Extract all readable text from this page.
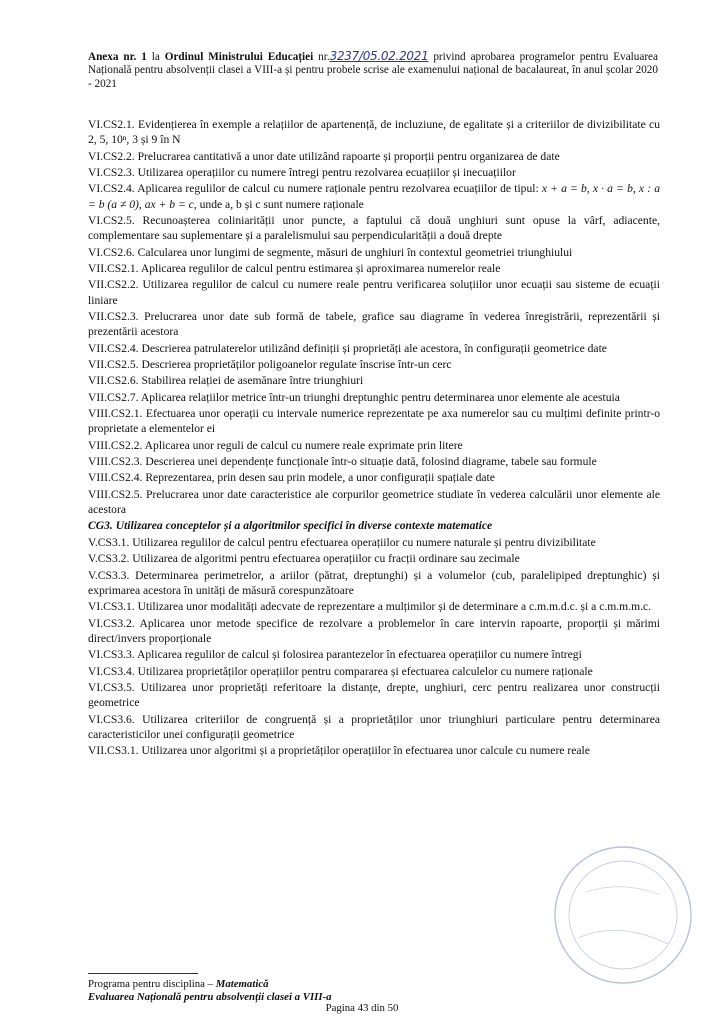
Anexa nr. 1 la Ordinul Ministrului Educației nr.3237/05.02.2021 privind aprobarea programelor pentru Evaluarea Națională pentru absolvenții clasei a VIII-a și pentru probele scrise ale examenului național de bacalaureat, în anul școlar 2020 - 2021

VI.CS2.1. Evidențierea în exemple a relațiilor de apartenență, de incluziune, de egalitate și a criteriilor de divizibilitate cu 2, 5, 10ⁿ, 3 și 9 în N

VI.CS2.2. Prelucrarea cantitativă a unor date utilizând rapoarte și proporții pentru organizarea de date

VI.CS2.3. Utilizarea operațiilor cu numere întregi pentru rezolvarea ecuațiilor și inecuațiilor

VI.CS2.4. Aplicarea regulilor de calcul cu numere raționale pentru rezolvarea ecuațiilor de tipul: x + a = b, x · a = b, x : a = b (a ≠ 0), ax + b = c, unde a, b și c sunt numere raționale

VI.CS2.5. Recunoașterea coliniarității unor puncte, a faptului că două unghiuri sunt opuse la vârf, adiacente, complementare sau suplementare și a paralelismului sau perpendicularității a două drepte

VI.CS2.6. Calcularea unor lungimi de segmente, măsuri de unghiuri în contextul geometriei triunghiului

VII.CS2.1. Aplicarea regulilor de calcul pentru estimarea și aproximarea numerelor reale

VII.CS2.2. Utilizarea regulilor de calcul cu numere reale pentru verificarea soluțiilor unor ecuații sau sisteme de ecuații liniare

VII.CS2.3. Prelucrarea unor date sub formă de tabele, grafice sau diagrame în vederea înregistrării, reprezentării și prezentării acestora

VII.CS2.4. Descrierea patrulaterelor utilizând definiții și proprietăți ale acestora, în configurații geometrice date

VII.CS2.5. Descrierea proprietăților poligoanelor regulate înscrise într-un cerc

VII.CS2.6. Stabilirea relației de asemănare între triunghiuri

VII.CS2.7. Aplicarea relațiilor metrice într-un triunghi dreptunghic pentru determinarea unor elemente ale acestuia

VIII.CS2.1. Efectuarea unor operații cu intervale numerice reprezentate pe axa numerelor sau cu mulțimi definite printr-o proprietate a elementelor ei

VIII.CS2.2. Aplicarea unor reguli de calcul cu numere reale exprimate prin litere

VIII.CS2.3. Descrierea unei dependențe funcționale într-o situație dată, folosind diagrame, tabele sau formule

VIII.CS2.4. Reprezentarea, prin desen sau prin modele, a unor configurații spațiale date

VIII.CS2.5. Prelucrarea unor date caracteristice ale corpurilor geometrice studiate în vederea calculării unor elemente ale acestora

CG3. Utilizarea conceptelor și a algoritmilor specifici în diverse contexte matematice

V.CS3.1. Utilizarea regulilor de calcul pentru efectuarea operațiilor cu numere naturale și pentru divizibilitate

V.CS3.2. Utilizarea de algoritmi pentru efectuarea operațiilor cu fracții ordinare sau zecimale

V.CS3.3. Determinarea perimetrelor, a ariilor (pătrat, dreptunghi) și a volumelor (cub, paralelipiped dreptunghic) și exprimarea acestora în unități de măsură corespunzătoare

VI.CS3.1. Utilizarea unor modalități adecvate de reprezentare a mulțimilor și de determinare a c.m.m.d.c. și a c.m.m.m.c.

VI.CS3.2. Aplicarea unor metode specifice de rezolvare a problemelor în care intervin rapoarte, proporții și mărimi direct/invers proporționale

VI.CS3.3. Aplicarea regulilor de calcul și folosirea parantezelor în efectuarea operațiilor cu numere întregi

VI.CS3.4. Utilizarea proprietăților operațiilor pentru compararea și efectuarea calculelor cu numere raționale

VI.CS3.5. Utilizarea unor proprietăți referitoare la distanțe, drepte, unghiuri, cerc pentru realizarea unor construcții geometrice

VI.CS3.6. Utilizarea criteriilor de congruență și a proprietăților unor triunghiuri particulare pentru determinarea caracteristicilor unei configurații geometrice

VII.CS3.1. Utilizarea unor algoritmi și a proprietăților operațiilor în efectuarea unor calcule cu numere reale

Programa pentru disciplina – Matematică
Evaluarea Națională pentru absolvenții clasei a VIII-a
Pagina 43 din 50
